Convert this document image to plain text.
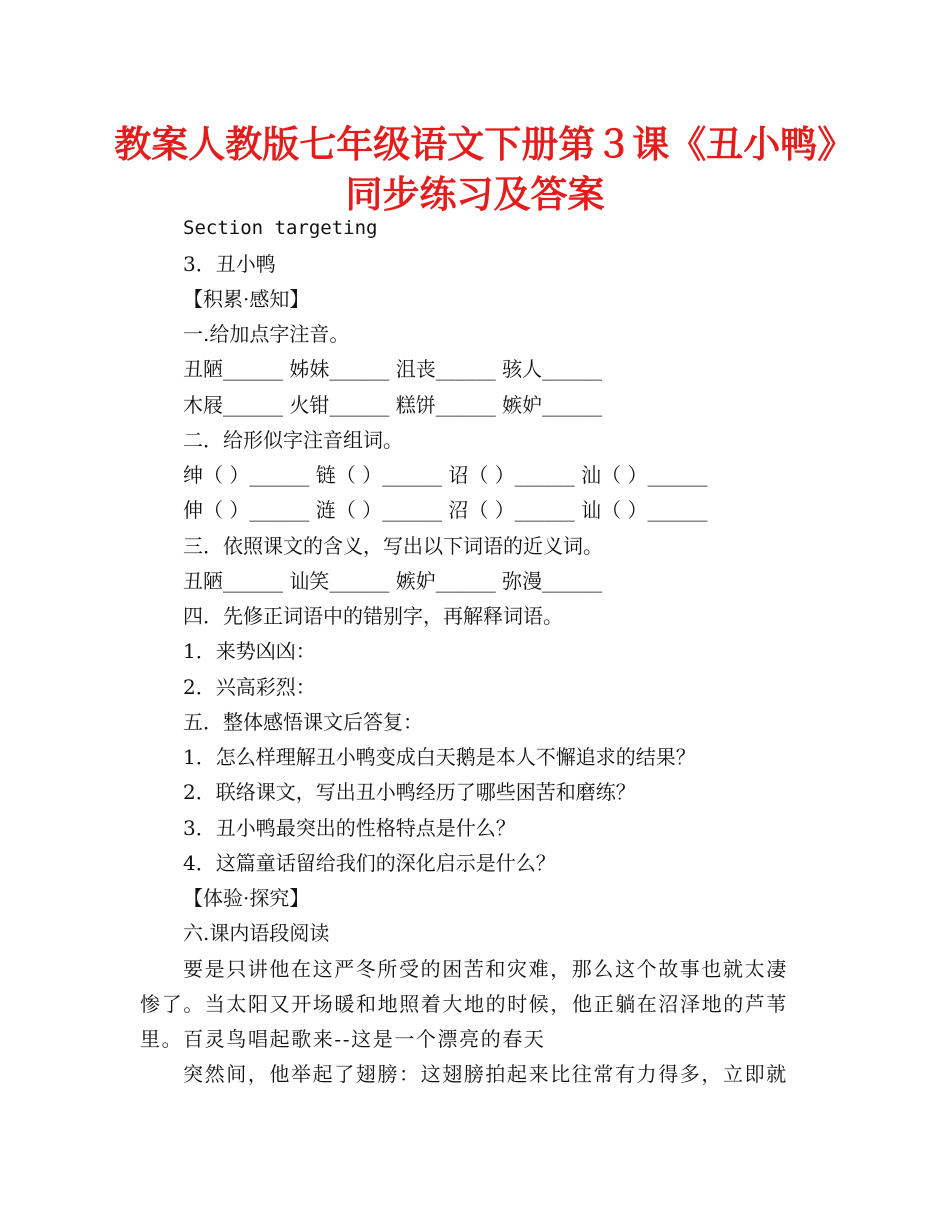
教案人教版七年级语文下册第３课《丑小鸭》同步练习及答案
Section targeting
3．丑小鸭
【积累·感知】
一.给加点字注音。
丑陋______ 姊妹______ 沮丧______ 骇人______
木屐______ 火钳______ 糕饼______ 嫉妒______
二．给形似字注音组词。
绅（ ）______ 链（ ）______ 诏（ ）______ 汕（ ）______
伸（ ）______ 涟（ ）______ 沼（ ）______ 讪（ ）______
三．依照课文的含义，写出以下词语的近义词。
丑陋______ 讪笑______ 嫉妒______ 弥漫______
四．先修正词语中的错别字，再解释词语。
1．来势凶凶：
2．兴高彩烈：
五．整体感悟课文后答复：
1．怎么样理解丑小鸭变成白天鹅是本人不懈追求的结果？
2．联络课文，写出丑小鸭经历了哪些困苦和磨练？
3．丑小鸭最突出的性格特点是什么？
4．这篇童话留给我们的深化启示是什么？
【体验·探究】
六.课内语段阅读
要是只讲他在这严冬所受的困苦和灾难，那么这个故事也就太凄
惨了。当太阳又开场暖和地照着大地的时候，他正躺在沼泽地的芦苇
里。百灵鸟唱起歌来--这是一个漂亮的春天
突然间，他举起了翅膀：这翅膀拍起来比往常有力得多，立即就
